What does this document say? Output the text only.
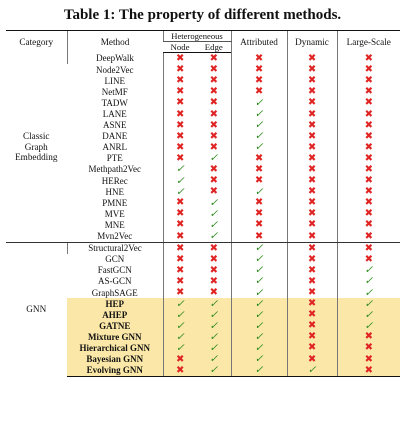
Table 1: The property of different methods.
Category	Method	Heterogeneous		Attributed	Dynamic	Large-Scale
		Node	Edge			
Classic
Graph
Embedding	DeepWalk	✖	✖	✖	✖	✖
	Node2Vec	✖	✖	✖	✖	✖
	LINE	✖	✖	✖	✖	✖
	NetMF	✖	✖	✖	✖	✖
	TADW	✖	✖	✓	✖	✖
	LANE	✖	✖	✓	✖	✖
	ASNE	✖	✖	✓	✖	✖
	DANE	✖	✖	✓	✖	✖
	ANRL	✖	✖	✓	✖	✖
	PTE	✖	✓	✖	✖	✖
	Methpath2Vec	✓	✖	✖	✖	✖
	HERec	✓	✖	✖	✖	✖
	HNE	✓	✖	✓	✖	✖
	PMNE	✖	✓	✖	✖	✖
	MVE	✖	✓	✖	✖	✖
	MNE	✖	✓	✖	✖	✖
	Mvn2Vec	✖	✓	✖	✖	✖
GNN	Structural2Vec	✖	✖	✓	✖	✖
	GCN	✖	✖	✓	✖	✖
	FastGCN	✖	✖	✓	✖	✓
	AS-GCN	✖	✖	✓	✖	✓
	GraphSAGE	✖	✖	✓	✖	✓
	HEP	✓	✓	✓	✖	✓
	AHEP	✓	✓	✓	✖	✓
	GATNE	✓	✓	✓	✖	✓
	Mixture GNN	✓	✓	✓	✖	✖
	Hierarchical GNN	✓	✓	✓	✖	✖
	Bayesian GNN	✖	✓	✓	✖	✖
	Evolving GNN	✖	✓	✓	✓	✖
